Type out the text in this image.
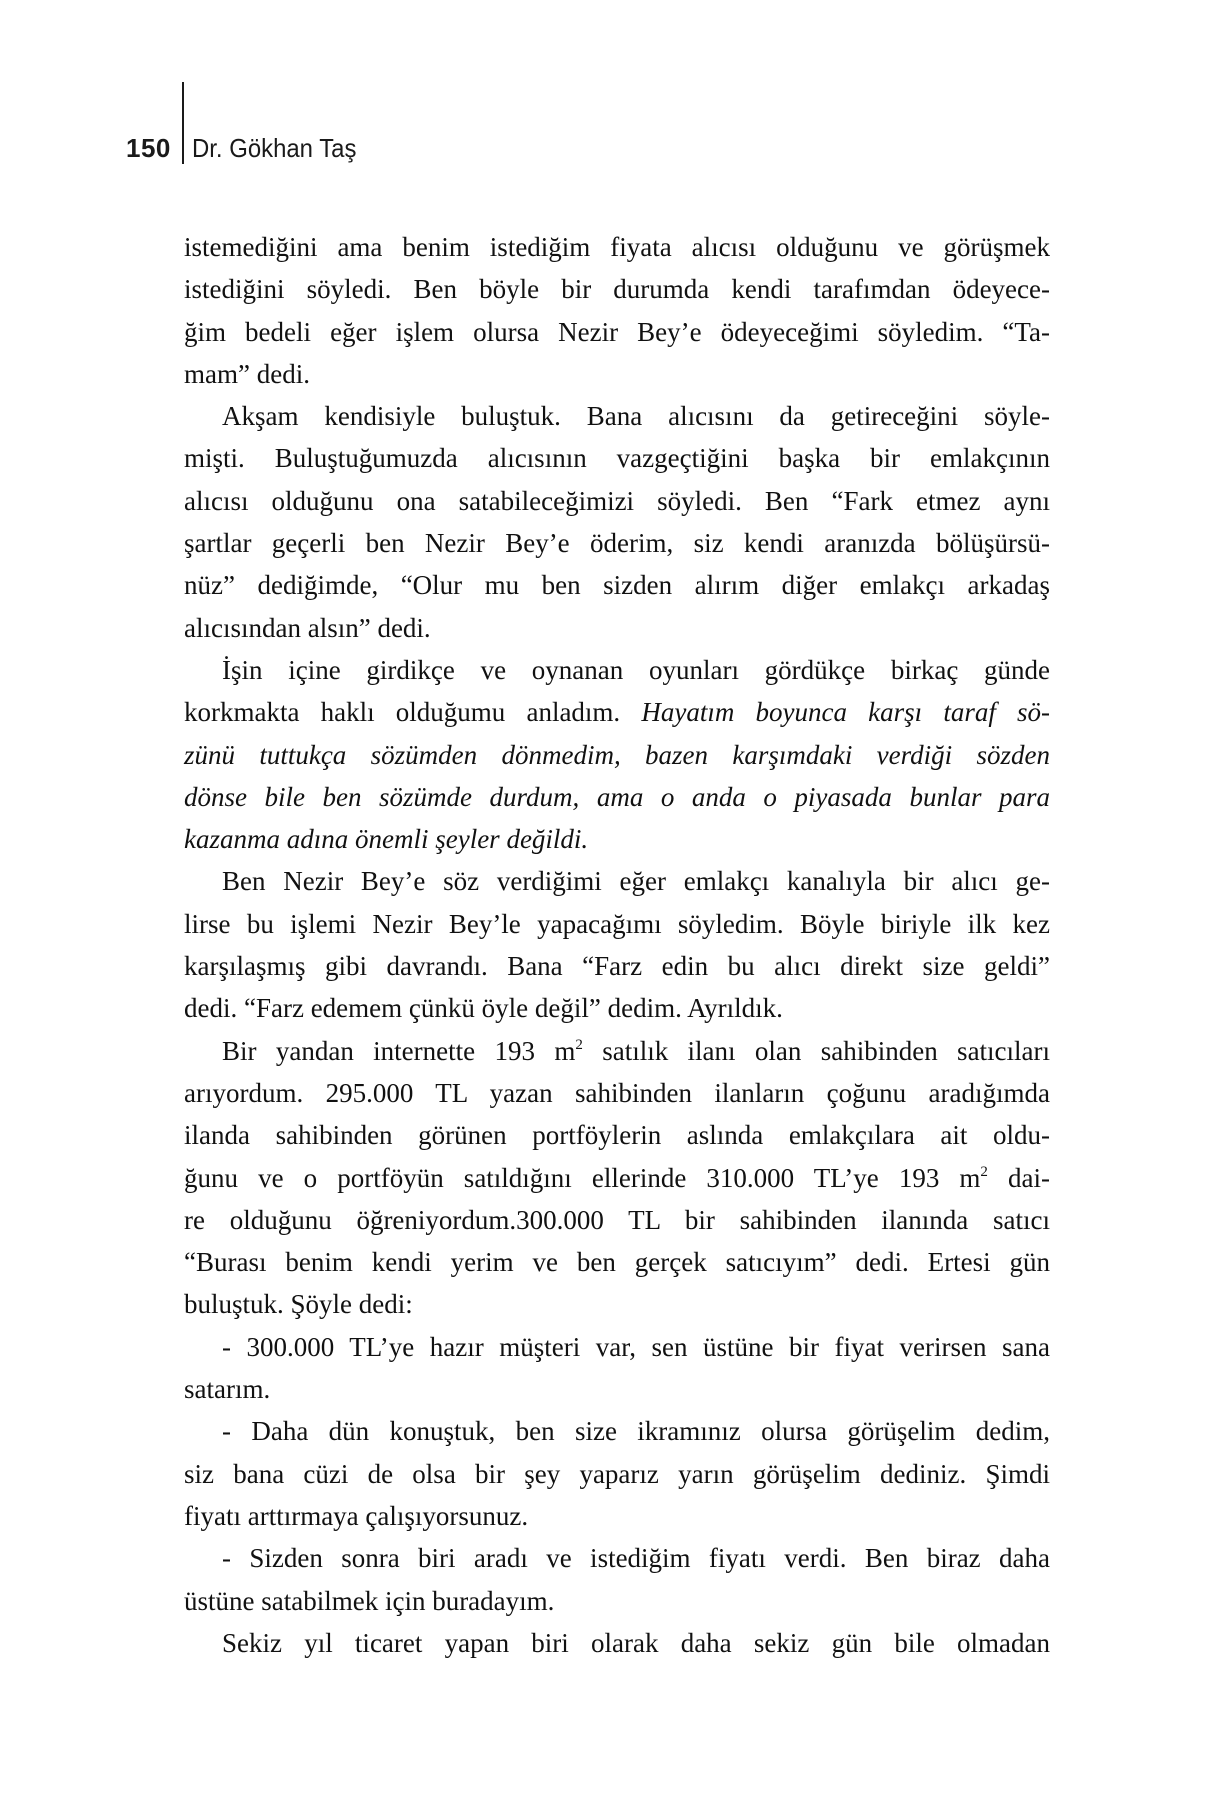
150 Dr. Gökhan Taş
istemediğini ama benim istediğim fiyata alıcısı olduğunu ve görüşmek
istediğini söyledi. Ben böyle bir durumda kendi tarafımdan ödeyece-
ğim bedeli eğer işlem olursa Nezir Bey’e ödeyeceğimi söyledim. “Ta-
mam” dedi.
Akşam kendisiyle buluştuk. Bana alıcısını da getireceğini söyle-
mişti. Buluştuğumuzda alıcısının vazgeçtiğini başka bir emlakçının
alıcısı olduğunu ona satabileceğimizi söyledi. Ben “Fark etmez aynı
şartlar geçerli ben Nezir Bey’e öderim, siz kendi aranızda bölüşürsü-
nüz” dediğimde, “Olur mu ben sizden alırım diğer emlakçı arkadaş
alıcısından alsın” dedi.
İşin içine girdikçe ve oynanan oyunları gördükçe birkaç günde
korkmakta haklı olduğumu anladım. Hayatım boyunca karşı taraf sö-
zünü tuttukça sözümden dönmedim, bazen karşımdaki verdiği sözden
dönse bile ben sözümde durdum, ama o anda o piyasada bunlar para
kazanma adına önemli şeyler değildi.
Ben Nezir Bey’e söz verdiğimi eğer emlakçı kanalıyla bir alıcı ge-
lirse bu işlemi Nezir Bey’le yapacağımı söyledim. Böyle biriyle ilk kez
karşılaşmış gibi davrandı. Bana “Farz edin bu alıcı direkt size geldi”
dedi. “Farz edemem çünkü öyle değil” dedim. Ayrıldık.
Bir yandan internette 193 $m^2$ satılık ilanı olan sahibinden satıcıları
arıyordum. 295.000 TL yazan sahibinden ilanların çoğunu aradığımda
ilanda sahibinden görünen portföylerin aslında emlakçılara ait oldu-
ğunu ve o portföyün satıldığını ellerinde 310.000 TL’ye 193 $m^2$ dai-
re olduğunu öğreniyordum.300.000 TL bir sahibinden ilanında satıcı
“Burası benim kendi yerim ve ben gerçek satıcıyım” dedi. Ertesi gün
buluştuk. Şöyle dedi:
- 300.000 TL’ye hazır müşteri var, sen üstüne bir fiyat verirsen sana
satarım.
- Daha dün konuştuk, ben size ikramınız olursa görüşelim dedim,
siz bana cüzi de olsa bir şey yaparız yarın görüşelim dediniz. Şimdi
fiyatı arttırmaya çalışıyorsunuz.
- Sizden sonra biri aradı ve istediğim fiyatı verdi. Ben biraz daha
üstüne satabilmek için buradayım.
Sekiz yıl ticaret yapan biri olarak daha sekiz gün bile olmadan
